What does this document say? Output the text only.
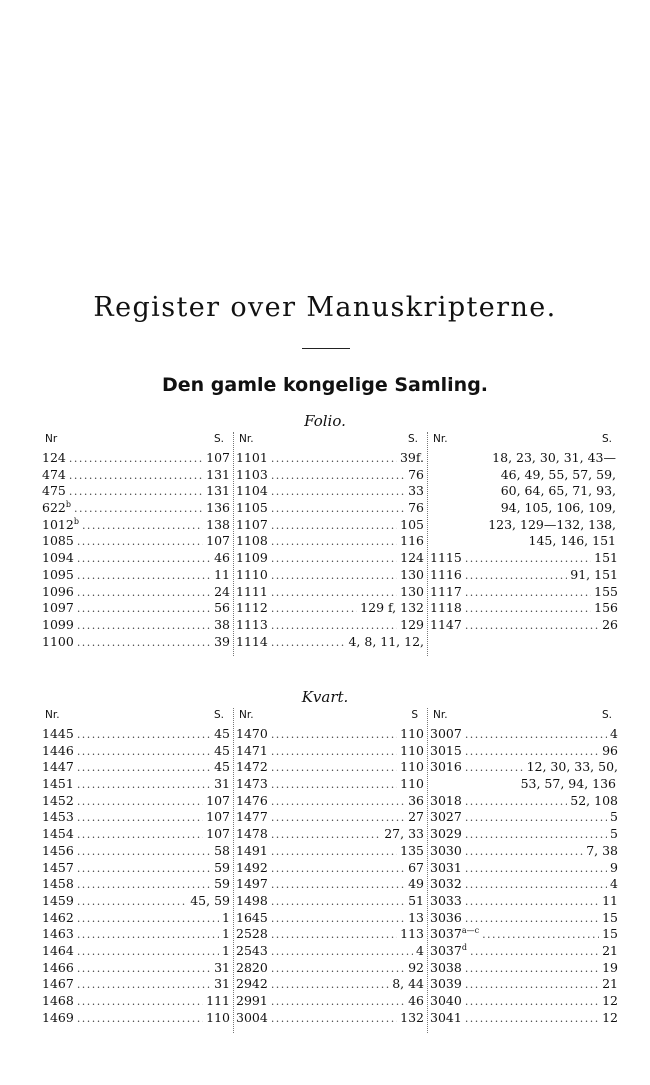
Register over Manuskripterne.
Den gamle kongelige Samling.
Folio.
Nr	S.
124 .....	107
474 .....	131
475 .....	131
622$^b$ .....	136
1012$^b$ .....	138
1085 .....	107
1094 .....	46
1095 .....	11
1096 .....	24
1097 .....	56
1099 .....	38
1100 .....	39
Nr.	S.
1101 .....	39f.
1103 .....	76
1104 .....	33
1105 .....	76
1107 .....	105
1108 .....	116
1109 .....	124
1110 .....	130
1111 .....	130
1112 .....	129 f, 132
1113 .....	129
1114 .....	4, 8, 11, 12,
Nr.	S.
18, 23, 30, 31, 43—
46, 49, 55, 57, 59,
60, 64, 65, 71, 93,
94, 105, 106, 109,
123, 129—132, 138,
145, 146, 151
1115 .....	151
1116 .....	91, 151
1117 .....	155
1118 .....	156
1147 .....	26
Kvart.
Nr.	S.
1445 .....	45
1446 .....	45
1447 .....	45
1451 .....	31
1452 .....	107
1453 .....	107
1454 .....	107
1456 .....	58
1457 .....	59
1458 .....	59
1459 .....	45, 59
1462 .....	1
1463 .....	1
1464 .....	1
1466 .....	31
1467 .....	31
1468 .....	111
1469 .....	110
Nr.	S
1470 .....	110
1471 .....	110
1472 .....	110
1473 .....	110
1476 .....	36
1477 .....	27
1478 .....	27, 33
1491 .....	135
1492 .....	67
1497 .....	49
1498 .....	51
1645 .....	13
2528 .....	113
2543 .....	4
2820 .....	92
2942 .....	8, 44
2991 .....	46
3004 .....	132
Nr.	S.
3007 .....	4
3015 .....	96
3016 .....	12, 30, 33, 50,
53, 57, 94, 136
3018 .....	52, 108
3027 .....	5
3029 .....	5
3030 .....	7, 38
3031 .....	9
3032 .....	4
3033 .....	11
3036 .....	15
$3037^{a—c}$ .....	15
3037$^d$ .....	21
3038 .....	19
3039 .....	21
3040 .....	12
3041 .....	12
